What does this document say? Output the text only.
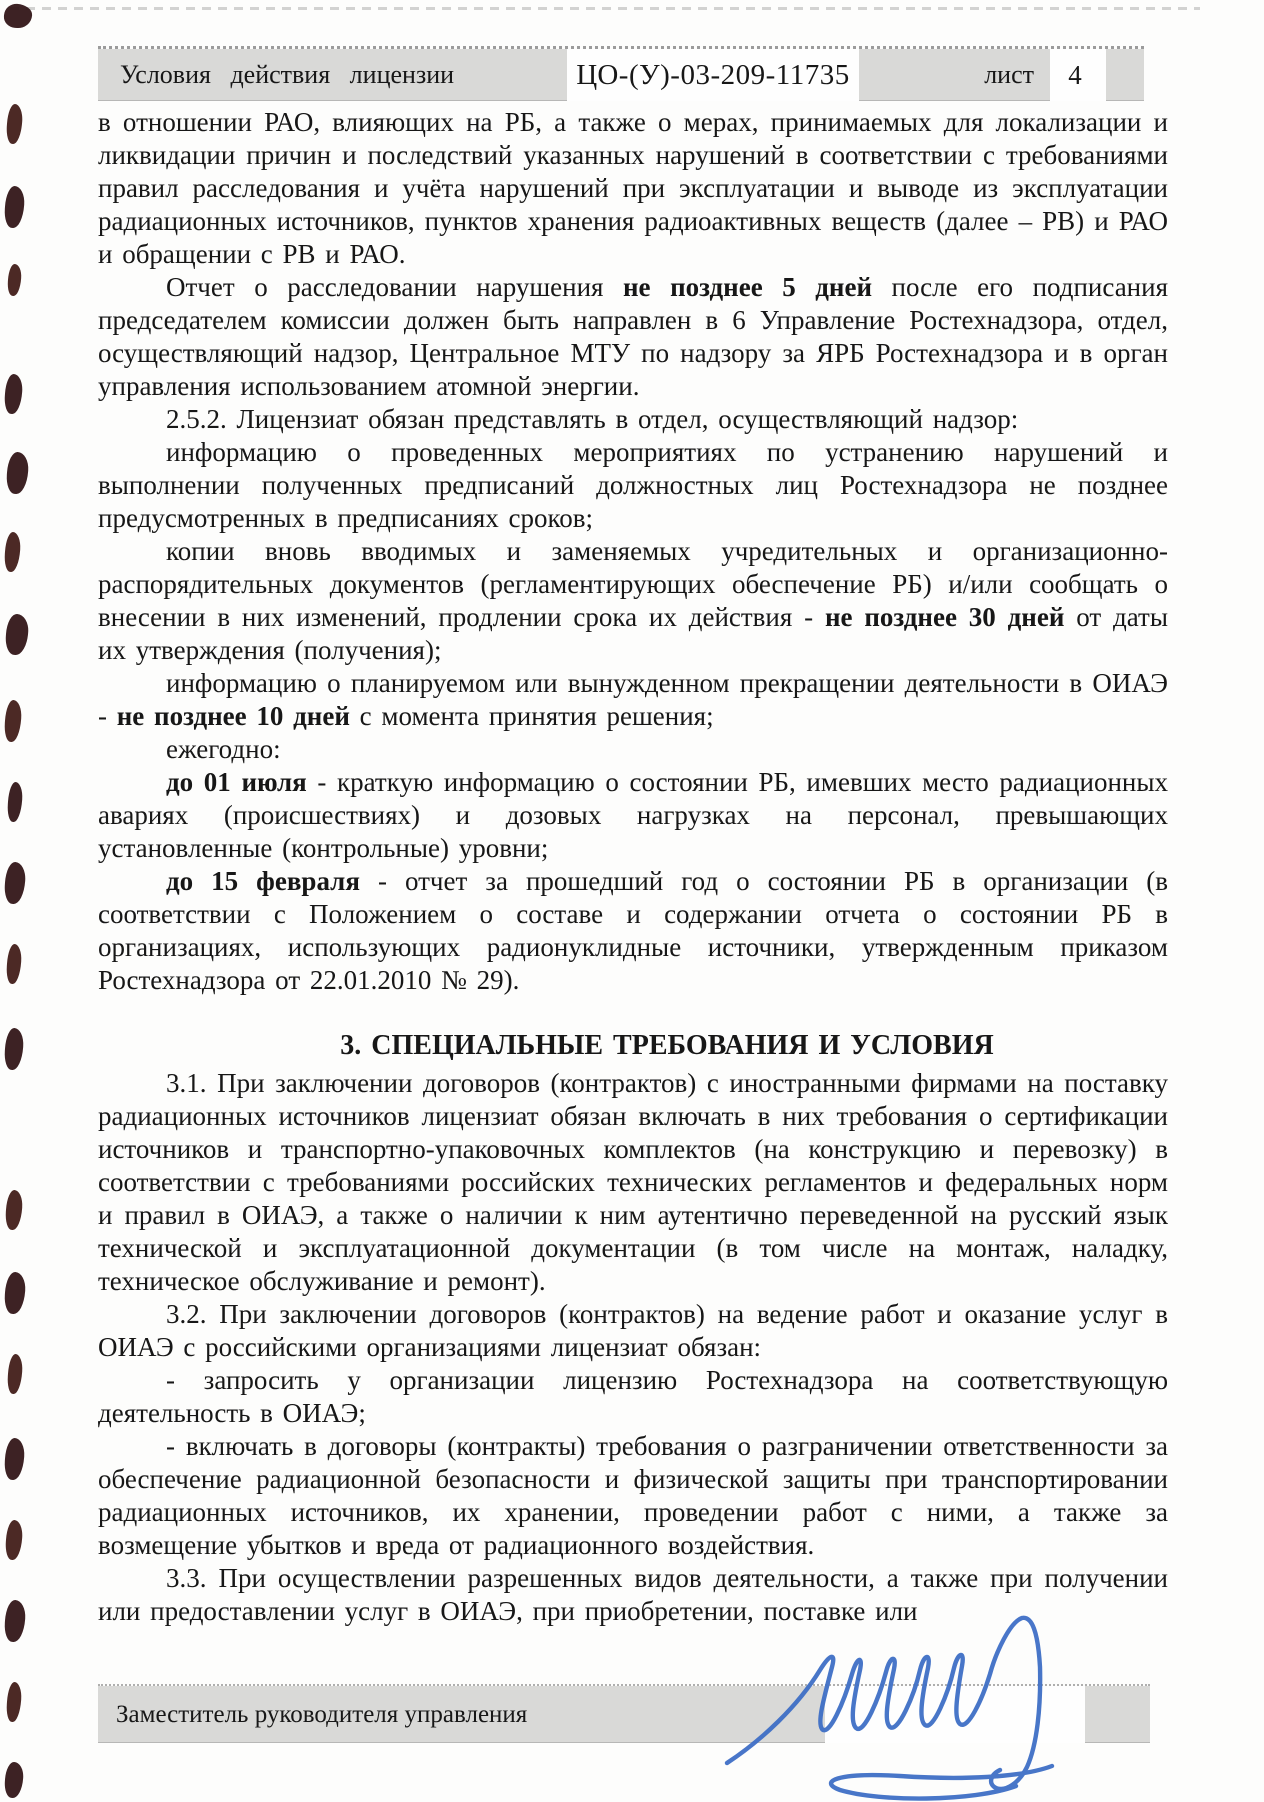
Условия действия лицензии	ЦО-(У)-03-209-11735	лист 4

в отношении РАО, влияющих на РБ, а также о мерах, принимаемых для локализации и ликвидации причин и последствий указанных нарушений в соответствии с требованиями правил расследования и учёта нарушений при эксплуатации и выводе из эксплуатации радиационных источников, пунктов хранения радиоактивных веществ (далее – РВ) и РАО и обращении с РВ и РАО.

Отчет о расследовании нарушения не позднее 5 дней после его подписания председателем комиссии должен быть направлен в 6 Управление Ростехнадзора, отдел, осуществляющий надзор, Центральное МТУ по надзору за ЯРБ Ростехнадзора и в орган управления использованием атомной энергии.

2.5.2. Лицензиат обязан представлять в отдел, осуществляющий надзор:

информацию о проведенных мероприятиях по устранению нарушений и выполнении полученных предписаний должностных лиц Ростехнадзора не позднее предусмотренных в предписаниях сроков;

копии вновь вводимых и заменяемых учредительных и организационно-распорядительных документов (регламентирующих обеспечение РБ) и/или сообщать о внесении в них изменений, продлении срока их действия - не позднее 30 дней от даты их утверждения (получения);

информацию о планируемом или вынужденном прекращении деятельности в ОИАЭ - не позднее 10 дней с момента принятия решения;

ежегодно:

до 01 июля - краткую информацию о состоянии РБ, имевших место радиационных авариях (происшествиях) и дозовых нагрузках на персонал, превышающих установленные (контрольные) уровни;

до 15 февраля - отчет за прошедший год о состоянии РБ в организации (в соответствии с Положением о составе и содержании отчета о состоянии РБ в организациях, использующих радионуклидные источники, утвержденным приказом Ростехнадзора от 22.01.2010 № 29).

3. СПЕЦИАЛЬНЫЕ ТРЕБОВАНИЯ И УСЛОВИЯ

3.1. При заключении договоров (контрактов) с иностранными фирмами на поставку радиационных источников лицензиат обязан включать в них требования о сертификации источников и транспортно-упаковочных комплектов (на конструкцию и перевозку) в соответствии с требованиями российских технических регламентов и федеральных норм и правил в ОИАЭ, а также о наличии к ним аутентично переведенной на русский язык технической и эксплуатационной документации (в том числе на монтаж, наладку, техническое обслуживание и ремонт).

3.2. При заключении договоров (контрактов) на ведение работ и оказание услуг в ОИАЭ с российскими организациями лицензиат обязан:

- запросить у организации лицензию Ростехнадзора на соответствующую деятельность в ОИАЭ;

- включать в договоры (контракты) требования о разграничении ответственности за обеспечение радиационной безопасности и физической защиты при транспортировании радиационных источников, их хранении, проведении работ с ними, а также за возмещение убытков и вреда от радиационного воздействия.

3.3. При осуществлении разрешенных видов деятельности, а также при получении или предоставлении услуг в ОИАЭ, при приобретении, поставке или

Заместитель руководителя управления
